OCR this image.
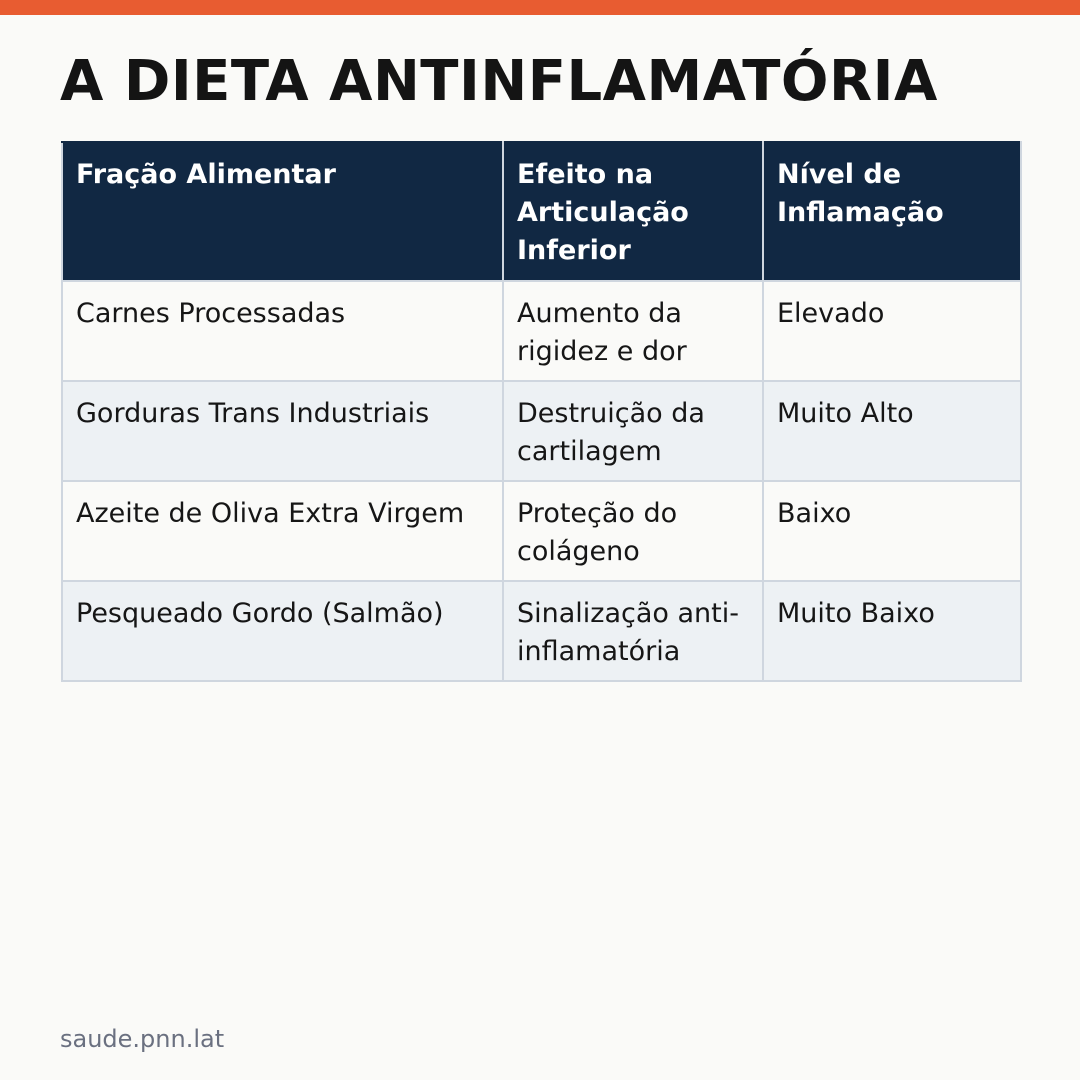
A DIETA ANTINFLAMATÓRIA
Fração Alimentar	Efeito na Articulação Inferior	Nível de Inflamação
Carnes Processadas	Aumento da rigidez e dor	Elevado
Gorduras Trans Industriais	Destruição da cartilagem	Muito Alto
Azeite de Oliva Extra Virgem	Proteção do colágeno	Baixo
Pesqueado Gordo (Salmão)	Sinalização anti-inflamatória	Muito Baixo
saude.pnn.lat
